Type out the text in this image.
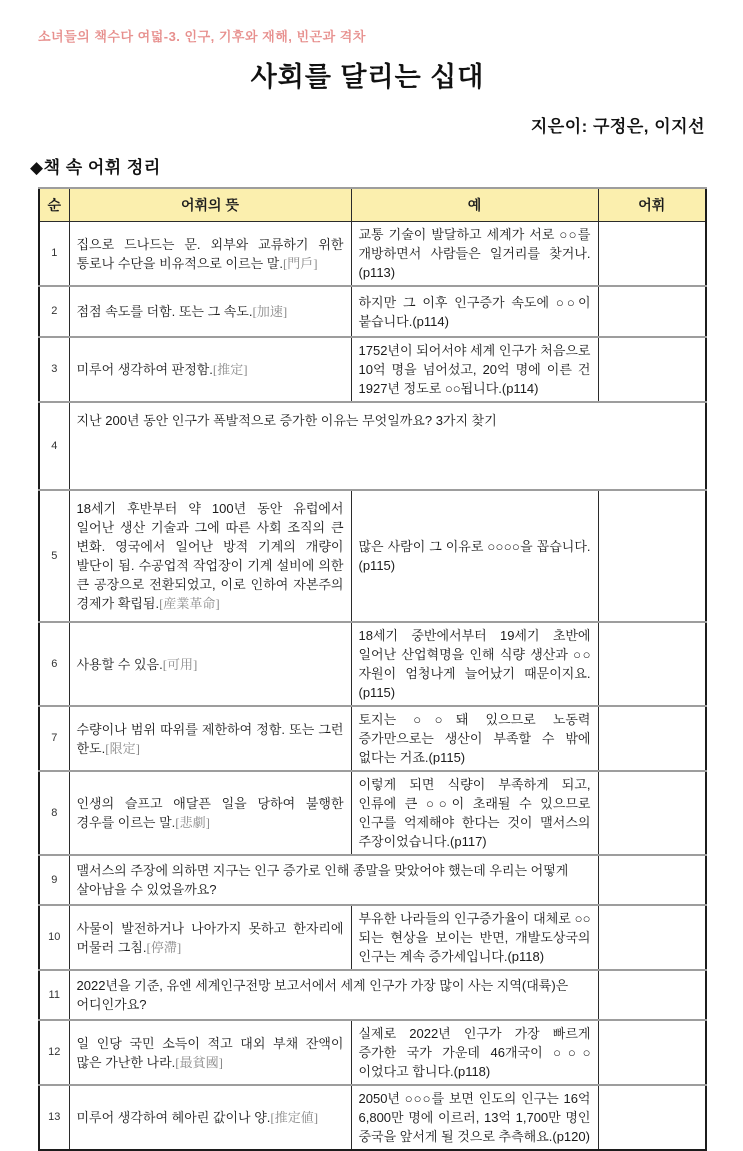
소녀들의 책수다 여덟-3. 인구, 기후와 재해, 빈곤과 격차

사회를 달리는 십대

지은이: 구정은, 이지선

◆책 속 어휘 정리
순	어휘의 뜻	예	어휘
1	집으로 드나드는 문. 외부와 교류하기 위한 통로나 수단을 비유적으로 이르는 말.[門戶]	교통 기술이 발달하고 세계가 서로 ○○를 개방하면서 사람들은 일거리를 찾거나.(p113)	
2	점점 속도를 더함. 또는 그 속도.[加速]	하지만 그 이후 인구증가 속도에 ○○이 붙습니다.(p114)	
3	미루어 생각하여 판정함.[推定]	1752년이 되어서야 세계 인구가 처음으로 10억 명을 넘어섰고, 20억 명에 이른 건 1927년 정도로 ○○됩니다.(p114)	
4	지난 200년 동안 인구가 폭발적으로 증가한 이유는 무엇일까요? 3가지 찾기		
5	18세기 후반부터 약 100년 동안 유럽에서 일어난 생산 기술과 그에 따른 사회 조직의 큰 변화. 영국에서 일어난 방적 기계의 개량이 발단이 됨. 수공업적 작업장이 기계 설비에 의한 큰 공장으로 전환되었고, 이로 인하여 자본주의 경제가 확립됨.[産業革命]	많은 사람이 그 이유로 ○○○○을 꼽습니다.(p115)	
6	사용할 수 있음.[可用]	18세기 중반에서부터 19세기 초반에 일어난 산업혁명을 인해 식량 생산과 ○○ 자원이 엄청나게 늘어났기 때문이지요.(p115)	
7	수량이나 범위 따위를 제한하여 정함. 또는 그런 한도.[限定]	토지는 ○○돼 있으므로 노동력 증가만으로는 생산이 부족할 수 밖에 없다는 거죠.(p115)	
8	인생의 슬프고 애달픈 일을 당하여 불행한 경우를 이르는 말.[悲劇]	이렇게 되면 식량이 부족하게 되고, 인류에 큰 ○○이 초래될 수 있으므로 인구를 억제해야 한다는 것이 맬서스의 주장이었습니다.(p117)	
9	맬서스의 주장에 의하면 지구는 인구 증가로 인해 종말을 맞았어야 했는데 우리는 어떻게 살아남을 수 있었을까요?		
10	사물이 발전하거나 나아가지 못하고 한자리에 머물러 그침.[停滯]	부유한 나라들의 인구증가율이 대체로 ○○되는 현상을 보이는 반면, 개발도상국의 인구는 계속 증가세입니다.(p118)	
11	2022년을 기준, 유엔 세계인구전망 보고서에서 세계 인구가 가장 많이 사는 지역(대륙)은 어디인가요?		
12	일 인당 국민 소득이 적고 대외 부채 잔액이 많은 가난한 나라.[最貧國]	실제로 2022년 인구가 가장 빠르게 증가한 국가 가운데 46개국이 ○○○이었다고 합니다.(p118)	
13	미루어 생각하여 헤아린 값이나 양.[推定値]	2050년 ○○○를 보면 인도의 인구는 16억 6,800만 명에 이르러, 13억 1,700만 명인 중국을 앞서게 될 것으로 추측해요.(p120)	
